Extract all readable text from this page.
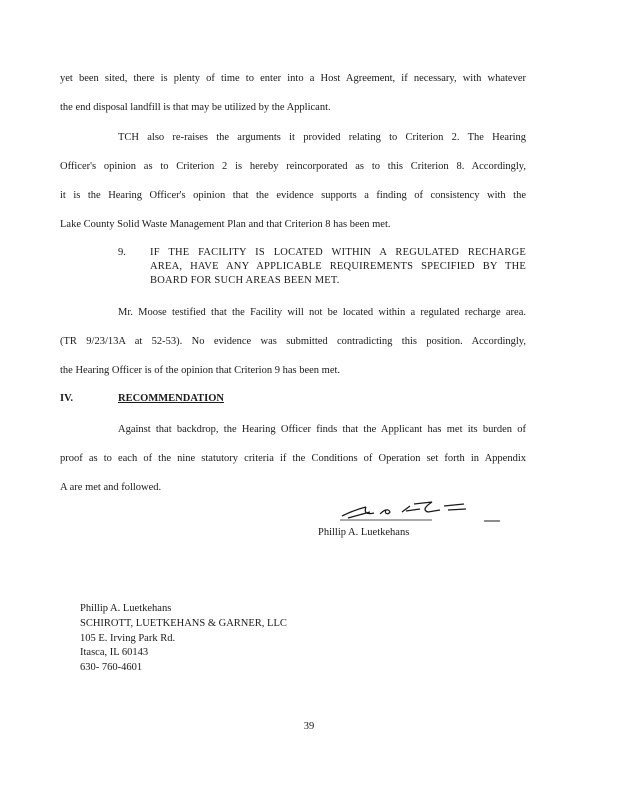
yet been sited, there is plenty of time to enter into a Host Agreement, if necessary, with whatever
the end disposal landfill is that may be utilized by the Applicant.
TCH also re-raises the arguments it provided relating to Criterion 2. The Hearing
Officer's opinion as to Criterion 2 is hereby reincorporated as to this Criterion 8. Accordingly,
it is the Hearing Officer's opinion that the evidence supports a finding of consistency with the
Lake County Solid Waste Management Plan and that Criterion 8 has been met.
9. IF THE FACILITY IS LOCATED WITHIN A REGULATED RECHARGE
AREA, HAVE ANY APPLICABLE REQUIREMENTS SPECIFIED BY THE
BOARD FOR SUCH AREAS BEEN MET.
Mr. Moose testified that the Facility will not be located within a regulated recharge area.
(TR 9/23/13A at 52-53). No evidence was submitted contradicting this position. Accordingly,
the Hearing Officer is of the opinion that Criterion 9 has been met.
IV.	RECOMMENDATION
Against that backdrop, the Hearing Officer finds that the Applicant has met its burden of
proof as to each of the nine statutory criteria if the Conditions of Operation set forth in Appendix
A are met and followed.
Phillip A. Luetkehans
Phillip A. Luetkehans
SCHIROTT, LUETKEHANS & GARNER, LLC
105 E. Irving Park Rd.
Itasca, IL 60143
630- 760-4601
39
